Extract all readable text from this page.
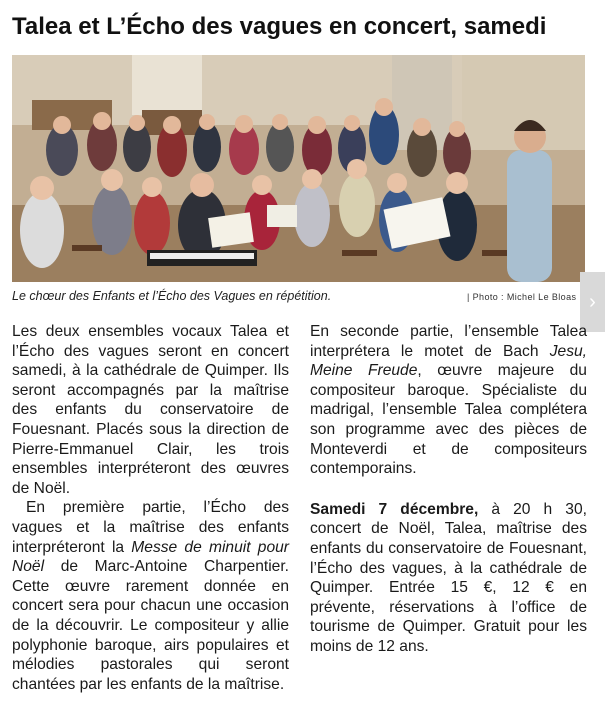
Talea et L’Écho des vagues en concert, samedi
Le chœur des Enfants et l’Écho des Vagues en répétition.	| Photo : Michel Le Bloas ›

Les deux ensembles vocaux Talea et l’Écho des vagues seront en concert samedi, à la cathédrale de Quimper. Ils seront accompagnés par la maîtrise des enfants du conservatoire de Fouesnant. Placés sous la direction de Pierre-Emmanuel Clair, les trois ensembles interpréteront des œuvres de Noël.

En première partie, l’Écho des vagues et la maîtrise des enfants interpréteront la Messe de minuit pour Noël de Marc-Antoine Charpentier. Cette œuvre rarement donnée en concert sera pour chacun une occasion de la découvrir. Le compositeur y allie polyphonie baroque, airs populaires et mélodies pastorales qui seront chantées par les enfants de la maîtrise.

En seconde partie, l’ensemble Talea interprétera le motet de Bach Jesu, Meine Freude, œuvre majeure du compositeur baroque. Spécialiste du madrigal, l’ensemble Talea complétera son programme avec des pièces de Monteverdi et de compositeurs contemporains.

Samedi 7 décembre, à 20 h 30, concert de Noël, Talea, maîtrise des enfants du conservatoire de Fouesnant, l’Écho des vagues, à la cathédrale de Quimper. Entrée 15 €, 12 € en prévente, réservations à l’office de tourisme de Quimper. Gratuit pour les moins de 12 ans.
